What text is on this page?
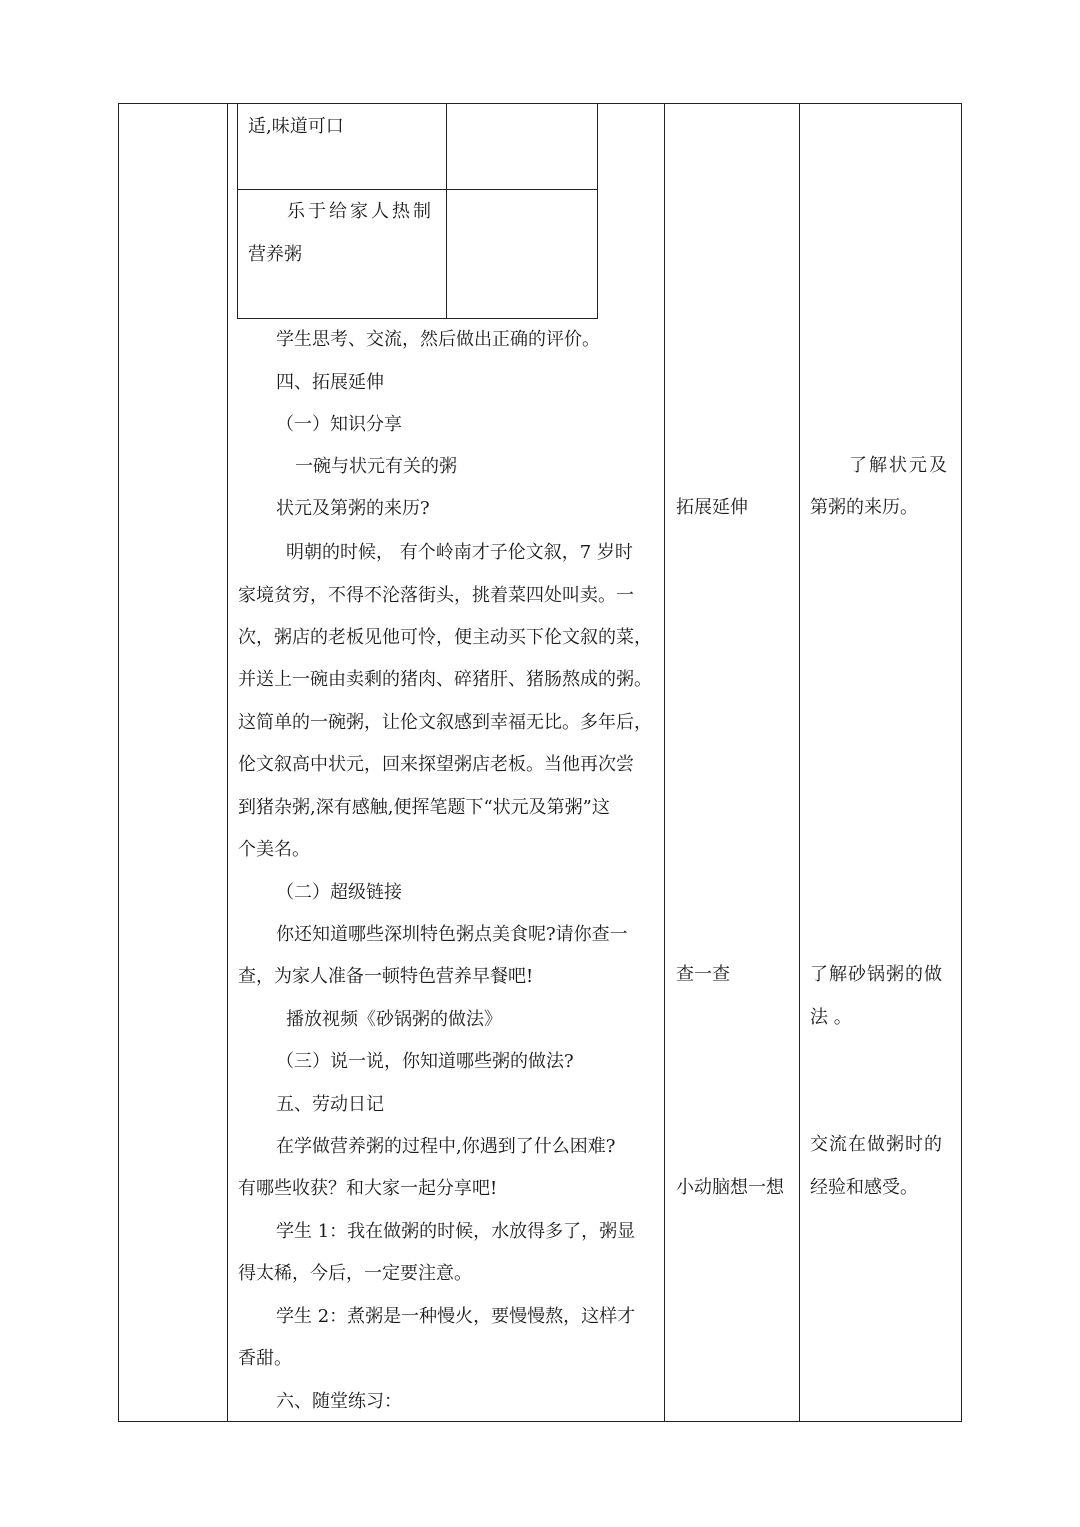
适,味道可口
乐于给家人热制
营养粥
学生思考、交流，然后做出正确的评价。
四、拓展延伸
（一）知识分享
一碗与状元有关的粥
状元及第粥的来历?
明朝的时候， 有个岭南才子伦文叙，7 岁时
家境贫穷，不得不沦落街头，挑着菜四处叫卖。一
次，粥店的老板见他可怜，便主动买下伦文叙的菜，
并送上一碗由卖剩的猪肉、碎猪肝、猪肠熬成的粥。
这简单的一碗粥，让伦文叙感到幸福无比。多年后，
伦文叙高中状元，回来探望粥店老板。当他再次尝
到猪杂粥,深有感触,便挥笔题下“状元及第粥”这
个美名。
（二）超级链接
你还知道哪些深圳特色粥点美食呢?请你查一
查，为家人准备一顿特色营养早餐吧!
播放视频《砂锅粥的做法》
（三）说一说，你知道哪些粥的做法?
五、劳动日记
在学做营养粥的过程中,你遇到了什么困难?
有哪些收获？和大家一起分享吧!
学生 1：我在做粥的时候，水放得多了，粥显
得太稀，今后，一定要注意。
学生 2：煮粥是一种慢火，要慢慢熬，这样才
香甜。
六、随堂练习：
拓展延伸
查一查
小动脑想一想
了解状元及
第粥的来历。
了解砂锅粥的做
法 。
交流在做粥时的
经验和感受。
